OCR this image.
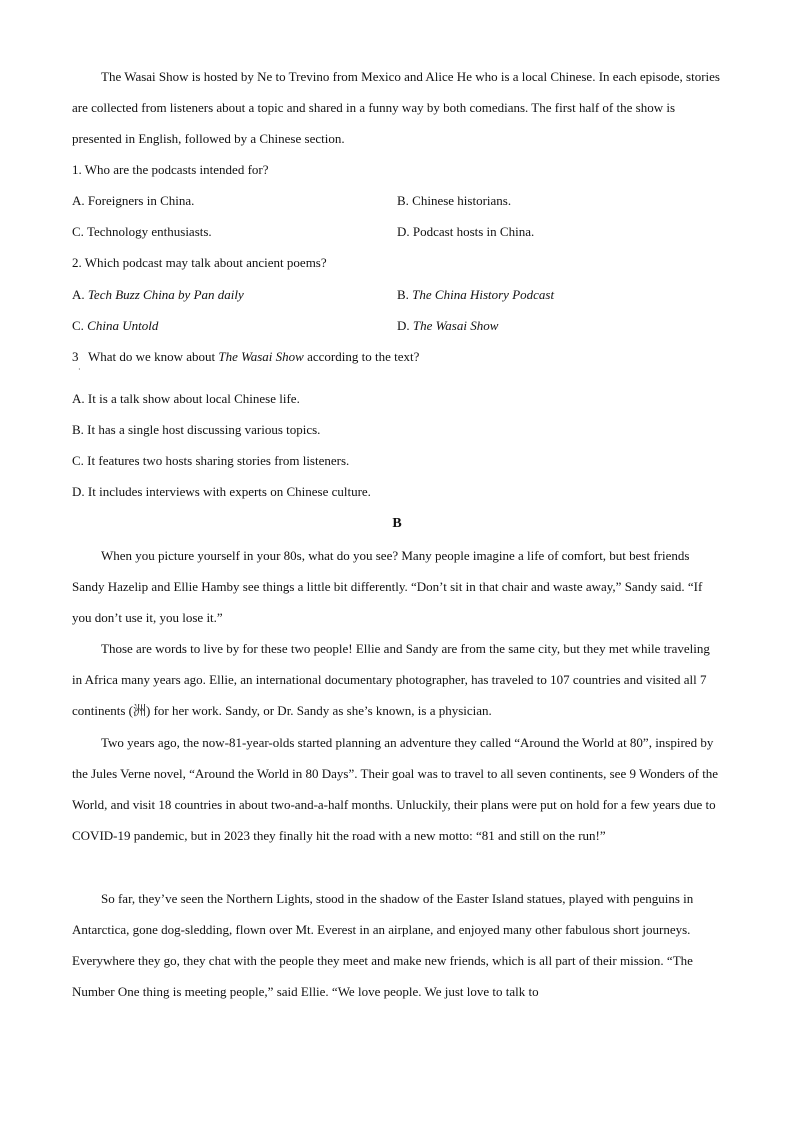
The Wasai Show is hosted by Ne to Trevino from Mexico and Alice He who is a local Chinese. In each episode, stories are collected from listeners about a topic and shared in a funny way by both comedians. The first half of the show is presented in English, followed by a Chinese section.
1. Who are the podcasts intended for?
A. Foreigners in China.	B. Chinese historians.
C. Technology enthusiasts.	D. Podcast hosts in China.
2. Which podcast may talk about ancient poems?
A. Tech Buzz China by Pan daily	B. The China History Podcast
C. China Untold	D. The Wasai Show
3   What do we know about The Wasai Show according to the text?
·
A. It is a talk show about local Chinese life.
B. It has a single host discussing various topics.
C. It features two hosts sharing stories from listeners.
D. It includes interviews with experts on Chinese culture.
B
When you picture yourself in your 80s, what do you see? Many people imagine a life of comfort, but best friends Sandy Hazelip and Ellie Hamby see things a little bit differently. “Don’t sit in that chair and waste away,” Sandy said. “If you don’t use it, you lose it.”
Those are words to live by for these two people! Ellie and Sandy are from the same city, but they met while traveling in Africa many years ago. Ellie, an international documentary photographer, has traveled to 107 countries and visited all 7 continents (洲) for her work. Sandy, or Dr. Sandy as she’s known, is a physician.
Two years ago, the now-81-year-olds started planning an adventure they called “Around the World at 80”, inspired by the Jules Verne novel, “Around the World in 80 Days”. Their goal was to travel to all seven continents, see 9 Wonders of the World, and visit 18 countries in about two-and-a-half months. Unluckily, their plans were put on hold for a few years due to COVID-19 pandemic, but in 2023 they finally hit the road with a new motto: “81 and still on the run!”
So far, they’ve seen the Northern Lights, stood in the shadow of the Easter Island statues, played with penguins in Antarctica, gone dog-sledding, flown over Mt. Everest in an airplane, and enjoyed many other fabulous short journeys. Everywhere they go, they chat with the people they meet and make new friends, which is all part of their mission. “The Number One thing is meeting people,” said Ellie. “We love people. We just love to talk to
